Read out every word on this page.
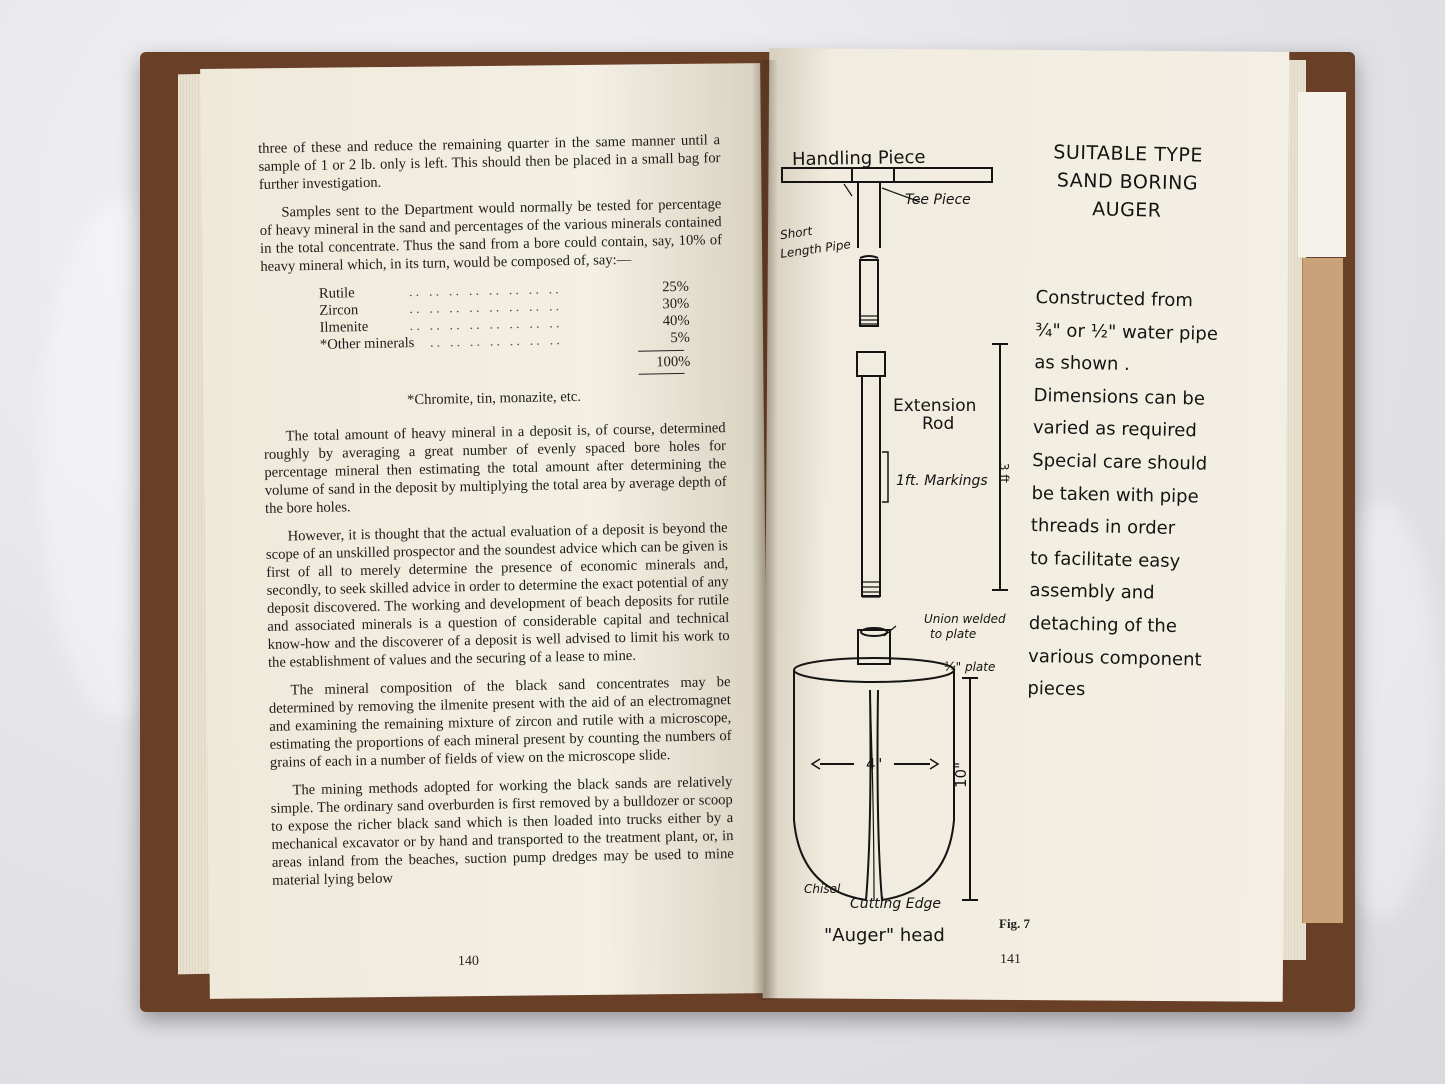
three of these and reduce the remaining quarter in the same manner until a sample of 1 or 2 lb. only is left. This should then be placed in a small bag for further investigation.

Samples sent to the Department would normally be tested for percentage of heavy mineral in the sand and percentages of the various minerals contained in the total concentrate. Thus the sand from a bore could contain, say, 10% of heavy mineral which, in its turn, would be composed of, say:—

Rutile	.. .. .. .. .. .. .. ..	25%
Zircon	.. .. .. .. .. .. .. ..	30%
Ilmenite	.. .. .. .. .. .. .. ..	40%
*Other minerals	.. .. .. .. .. .. ..	5%
100%
*Chromite, tin, monazite, etc.

The total amount of heavy mineral in a deposit is, of course, determined roughly by averaging a great number of evenly spaced bore holes for percentage mineral then estimating the total amount after determining the volume of sand in the deposit by multiplying the total area by average depth of the bore holes.

However, it is thought that the actual evaluation of a deposit is beyond the scope of an unskilled prospector and the soundest advice which can be given is first of all to merely determine the presence of economic minerals and, secondly, to seek skilled advice in order to determine the exact potential of any deposit discovered. The working and development of beach deposits for rutile and associated minerals is a question of considerable capital and technical know-how and the discoverer of a deposit is well advised to limit his work to the establishment of values and the securing of a lease to mine.

The mineral composition of the black sand concentrates may be determined by removing the ilmenite present with the aid of an electromagnet and examining the remaining mixture of zircon and rutile with a microscope, estimating the proportions of each mineral present by counting the numbers of grains of each in a number of fields of view on the microscope slide.

The mining methods adopted for working the black sands are relatively simple. The ordinary sand overburden is first removed by a bulldozer or scoop to expose the richer black sand which is then loaded into trucks either by a mechanical excavator or by hand and transported to the treatment plant, or, in areas inland from the beaches, suction pump dredges may be used to mine material lying below

140
SUITABLE TYPE
SAND BORING
AUGER
Constructed from
¾" or ½" water pipe
as shown .
Dimensions can be
varied as required
Special care should
be taken with pipe
threads in order
to facilitate easy
assembly and
detaching of the
various component
pieces
Handling Piece
Tee Piece
Short
Length Pipe
Extension
Rod
1ft. Markings 3 ft
Union welded
to plate
¼" plate
4"	10"
Chisel
Cutting Edge
"Auger" head
Fig. 7
141
